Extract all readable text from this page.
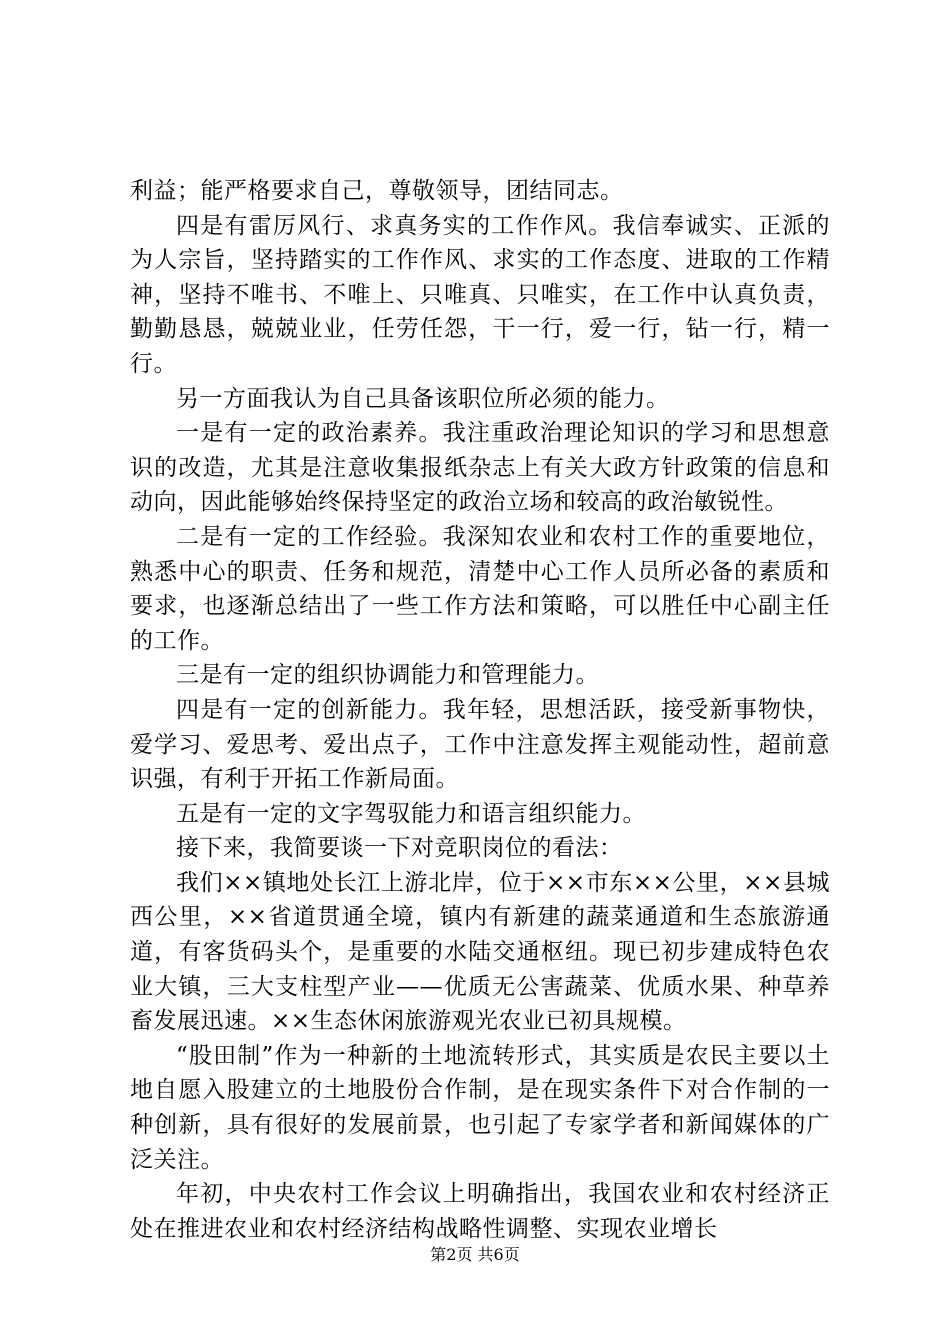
利益；能严格要求自己，尊敬领导，团结同志。

四是有雷厉风行、求真务实的工作作风。我信奉诚实、正派的为人宗旨，坚持踏实的工作作风、求实的工作态度、进取的工作精神，坚持不唯书、不唯上、只唯真、只唯实，在工作中认真负责，勤勤恳恳，兢兢业业，任劳任怨，干一行，爱一行，钻一行，精一行。

另一方面我认为自己具备该职位所必须的能力。

一是有一定的政治素养。我注重政治理论知识的学习和思想意识的改造，尤其是注意收集报纸杂志上有关大政方针政策的信息和动向，因此能够始终保持坚定的政治立场和较高的政治敏锐性。

二是有一定的工作经验。我深知农业和农村工作的重要地位，熟悉中心的职责、任务和规范，清楚中心工作人员所必备的素质和要求，也逐渐总结出了一些工作方法和策略，可以胜任中心副主任的工作。

三是有一定的组织协调能力和管理能力。

四是有一定的创新能力。我年轻，思想活跃，接受新事物快，爱学习、爱思考、爱出点子，工作中注意发挥主观能动性，超前意识强，有利于开拓工作新局面。

五是有一定的文字驾驭能力和语言组织能力。

接下来，我简要谈一下对竞职岗位的看法：

我们××镇地处长江上游北岸，位于××市东××公里，××县城西公里，××省道贯通全境，镇内有新建的蔬菜通道和生态旅游通道，有客货码头个，是重要的水陆交通枢纽。现已初步建成特色农业大镇，三大支柱型产业——优质无公害蔬菜、优质水果、种草养畜发展迅速。××生态休闲旅游观光农业已初具规模。

“股田制”作为一种新的土地流转形式，其实质是农民主要以土地自愿入股建立的土地股份合作制，是在现实条件下对合作制的一种创新，具有很好的发展前景，也引起了专家学者和新闻媒体的广泛关注。

年初，中央农村工作会议上明确指出，我国农业和农村经济正处在推进农业和农村经济结构战略性调整、实现农业增长

第2页 共6页
